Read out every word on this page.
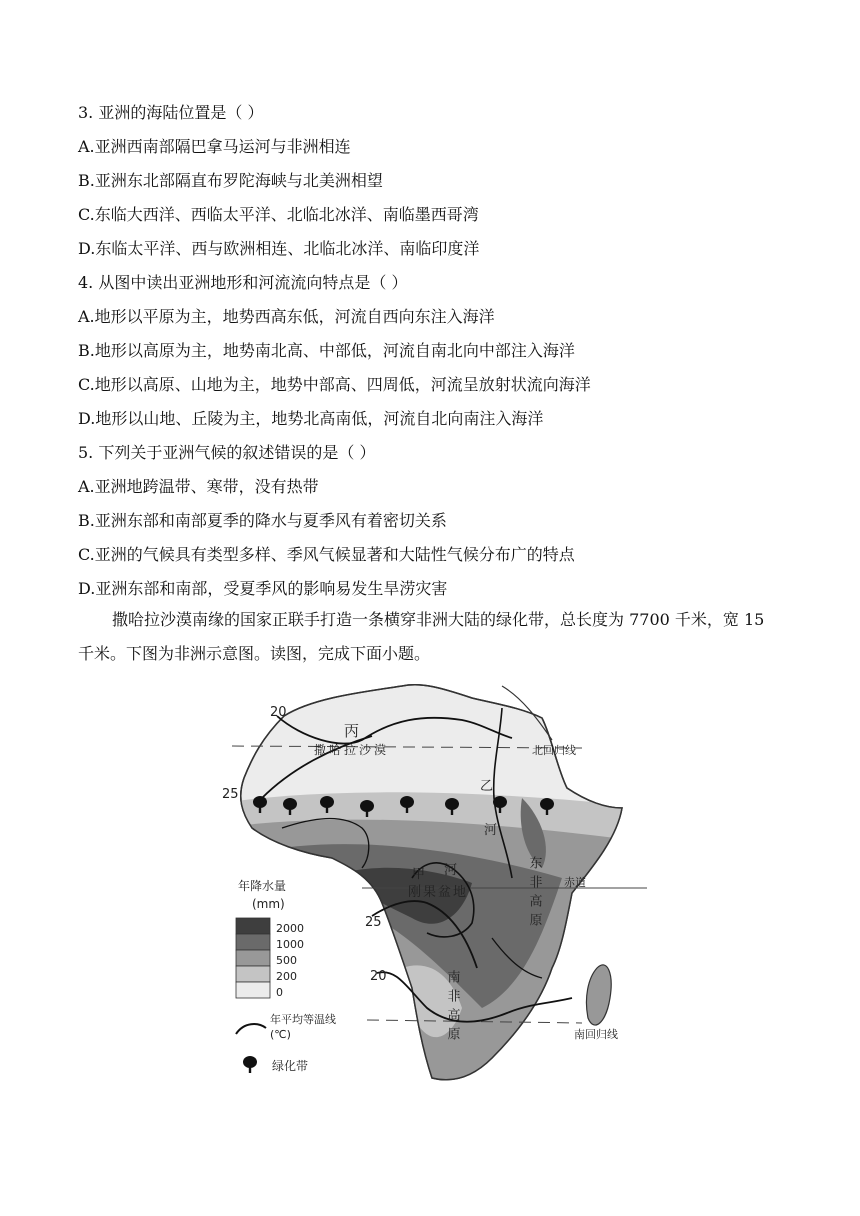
3. 亚洲的海陆位置是（ ）
A.亚洲西南部隔巴拿马运河与非洲相连
B.亚洲东北部隔直布罗陀海峡与北美洲相望
C.东临大西洋、西临太平洋、北临北冰洋、南临墨西哥湾
D.东临太平洋、西与欧洲相连、北临北冰洋、南临印度洋
4. 从图中读出亚洲地形和河流流向特点是（ ）
A.地形以平原为主，地势西高东低，河流自西向东注入海洋
B.地形以高原为主，地势南北高、中部低，河流自南北向中部注入海洋
C.地形以高原、山地为主，地势中部高、四周低，河流呈放射状流向海洋
D.地形以山地、丘陵为主，地势北高南低，河流自北向南注入海洋
5. 下列关于亚洲气候的叙述错误的是（ ）
A.亚洲地跨温带、寒带，没有热带
B.亚洲东部和南部夏季的降水与夏季风有着密切关系
C.亚洲的气候具有类型多样、季风气候显著和大陆性气候分布广的特点
D.亚洲东部和南部，受夏季风的影响易发生旱涝灾害
撒哈拉沙漠南缘的国家正联手打造一条横穿非洲大陆的绿化带，总长度为 7700 千米，宽 15 千米。下图为非洲示意图。读图，完成下面小题。
20
25
25
20
丙
撒哈拉沙漠	北回归线
乙
河
甲 河
刚果盆地
赤道
东非高原
南非高原	南回归线
年降水量
(mm)
2000
1000
500
200
0
年平均等温线(℃)
绿化带
